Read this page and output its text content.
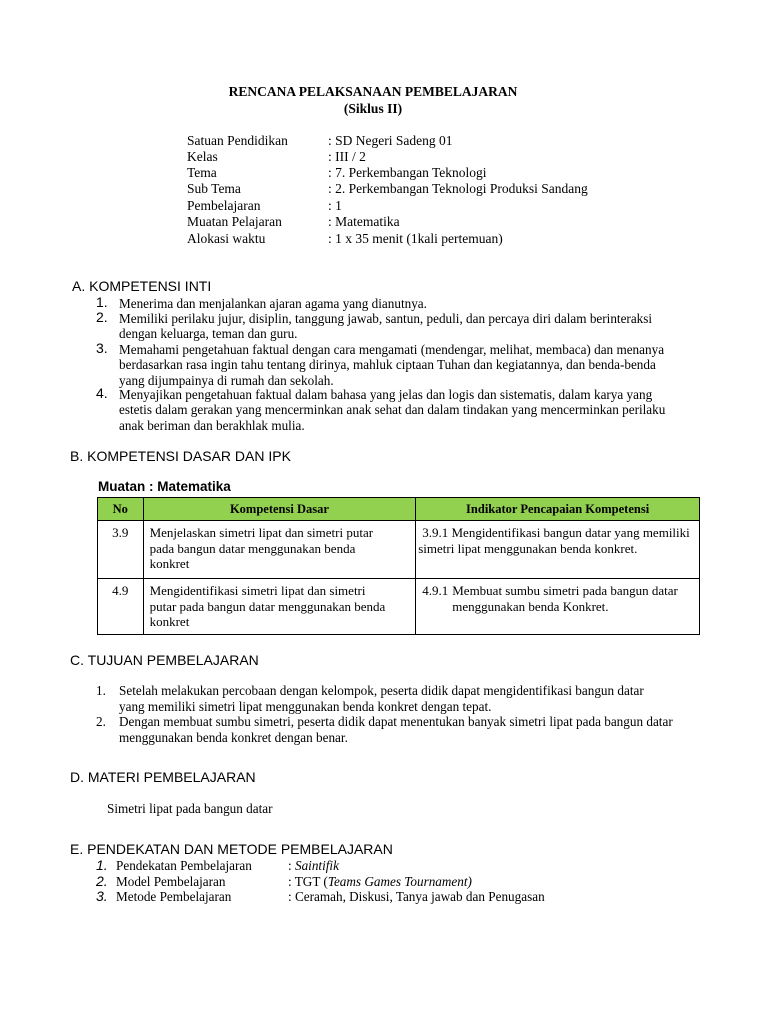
RENCANA PELAKSANAAN PEMBELAJARAN
(Siklus II)
Satuan Pendidikan	: SD Negeri Sadeng 01
Kelas	: III / 2
Tema	: 7. Perkembangan Teknologi
Sub Tema	: 2. Perkembangan Teknologi Produksi Sandang
Pembelajaran	: 1
Muatan Pelajaran	: Matematika
Alokasi waktu	: 1 x 35 menit (1kali pertemuan)
A. KOMPETENSI INTI
1. Menerima dan menjalankan ajaran agama yang dianutnya.
2. Memiliki perilaku jujur, disiplin, tanggung jawab, santun, peduli, dan percaya diri dalam berinteraksi dengan keluarga, teman dan guru.
3. Memahami pengetahuan faktual dengan cara mengamati (mendengar, melihat, membaca) dan menanya berdasarkan rasa ingin tahu tentang dirinya, mahluk ciptaan Tuhan dan kegiatannya, dan benda-benda yang dijumpainya di rumah dan sekolah.
4. Menyajikan pengetahuan faktual dalam bahasa yang jelas dan logis dan sistematis, dalam karya yang estetis dalam gerakan yang mencerminkan anak sehat dan dalam tindakan yang mencerminkan perilaku anak beriman dan berakhlak mulia.
B. KOMPETENSI DASAR DAN IPK
Muatan : Matematika
No	Kompetensi Dasar	Indikator Pencapaian Kompetensi
3.9	Menjelaskan simetri lipat dan simetri putar pada bangun datar menggunakan benda konkret	3.9.1 Mengidentifikasi bangun datar yang memiliki simetri lipat menggunakan benda konkret.
4.9	Mengidentifikasi simetri lipat dan simetri putar pada bangun datar menggunakan benda konkret	4.9.1 Membuat sumbu simetri pada bangun datar menggunakan benda Konkret.
C. TUJUAN PEMBELAJARAN
1. Setelah melakukan percobaan dengan kelompok, peserta didik dapat mengidentifikasi bangun datar yang memiliki simetri lipat menggunakan benda konkret dengan tepat.
2. Dengan membuat sumbu simetri, peserta didik dapat menentukan banyak simetri lipat pada bangun datar menggunakan benda konkret dengan benar.
D. MATERI PEMBELAJARAN
Simetri lipat pada bangun datar
E. PENDEKATAN DAN METODE PEMBELAJARAN
1. Pendekatan Pembelajaran	: Saintifik
2. Model Pembelajaran	: TGT (Teams Games Tournament)
3. Metode Pembelajaran	: Ceramah, Diskusi, Tanya jawab dan Penugasan
